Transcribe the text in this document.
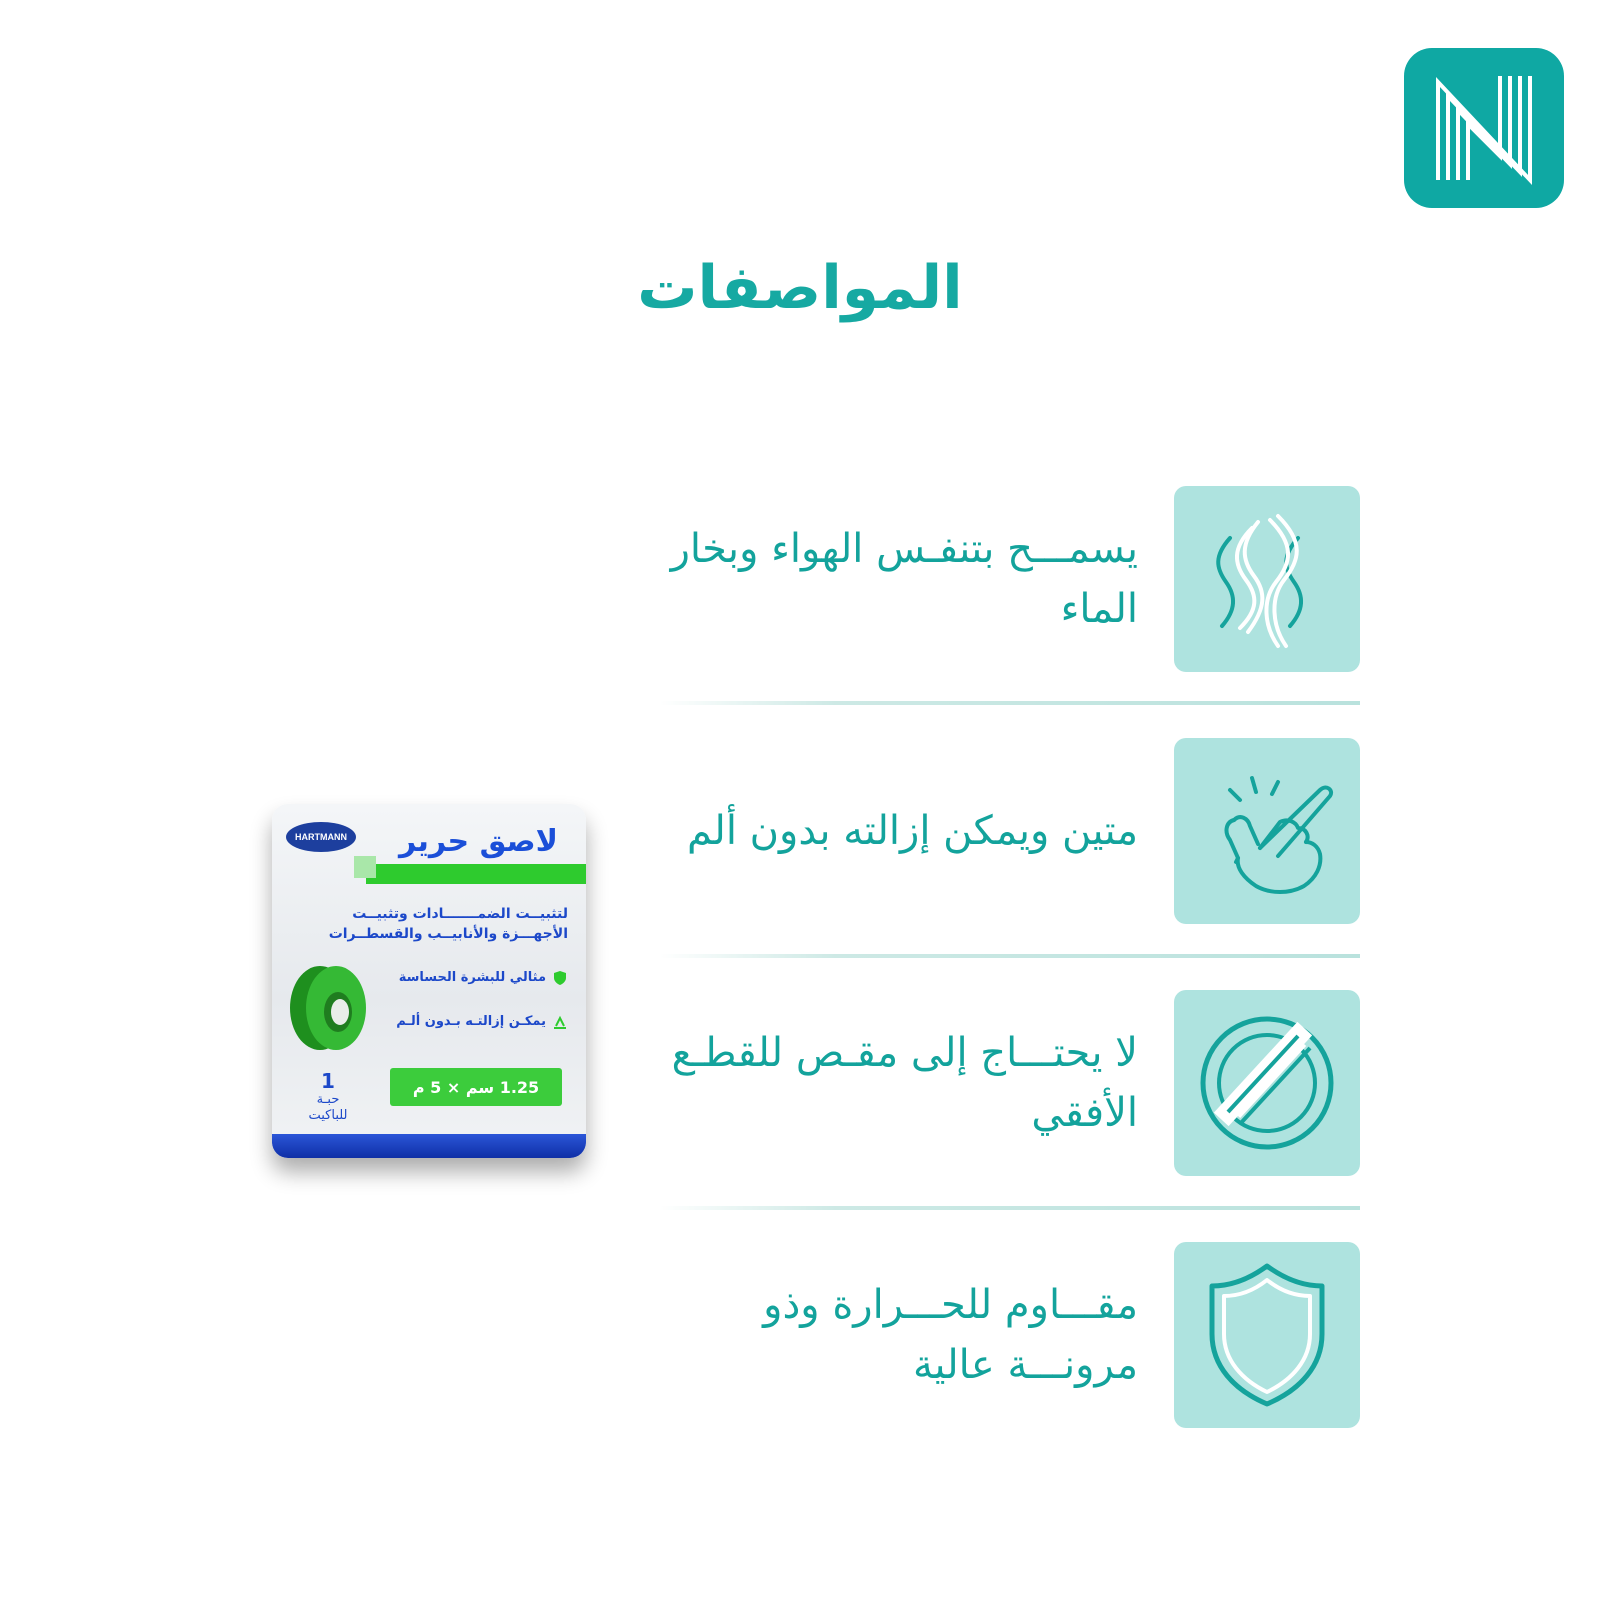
المواصفات
يسمـــح بتنفـس الهواء وبخار الماء
متين ويمكن إزالته بدون ألم
لا يحتـــاج إلى مقـص للقطـع الأفقي
مقـــاوم للحـــرارة وذو مرونـــة عالية
HARTMANN	لاصق حرير
لتثبيــت الضمـــــــادات وتثبيــت الأجهـــزة والأنابيــب والقسطــرات
مثالي للبشرة الحساسة
يمكـن إزالتـه بـدون ألـم
1.25 سم × 5 م
1
حبـة
للباكيت
